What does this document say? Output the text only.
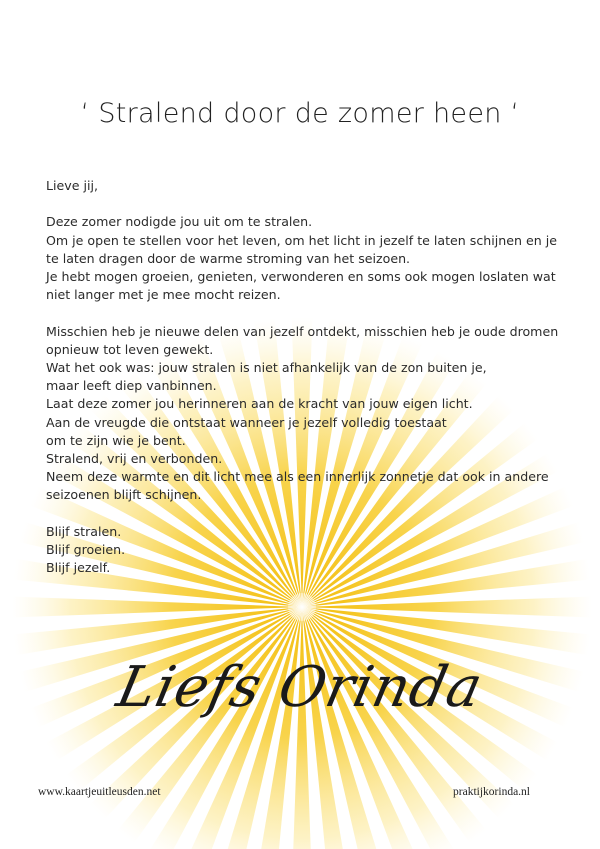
‘ Stralend door de zomer heen ‘
Lieve jij,
Deze zomer nodigde jou uit om te stralen.
Om je open te stellen voor het leven, om het licht in jezelf te laten schijnen en je
te laten dragen door de warme stroming van het seizoen.
Je hebt mogen groeien, genieten, verwonderen en soms ook mogen loslaten wat
niet langer met je mee mocht reizen.
Misschien heb je nieuwe delen van jezelf ontdekt, misschien heb je oude dromen
opnieuw tot leven gewekt.
Wat het ook was: jouw stralen is niet afhankelijk van de zon buiten je,
maar leeft diep vanbinnen.
Laat deze zomer jou herinneren aan de kracht van jouw eigen licht.
Aan de vreugde die ontstaat wanneer je jezelf volledig toestaat
om te zijn wie je bent.
Stralend, vrij en verbonden.
Neem deze warmte en dit licht mee als een innerlijk zonnetje dat ook in andere
seizoenen blijft schijnen.
Blijf stralen.
Blijf groeien.
Blijf jezelf.
Liefs Orinda
www.kaartjeuitleusden.net	praktijkorinda.nl
